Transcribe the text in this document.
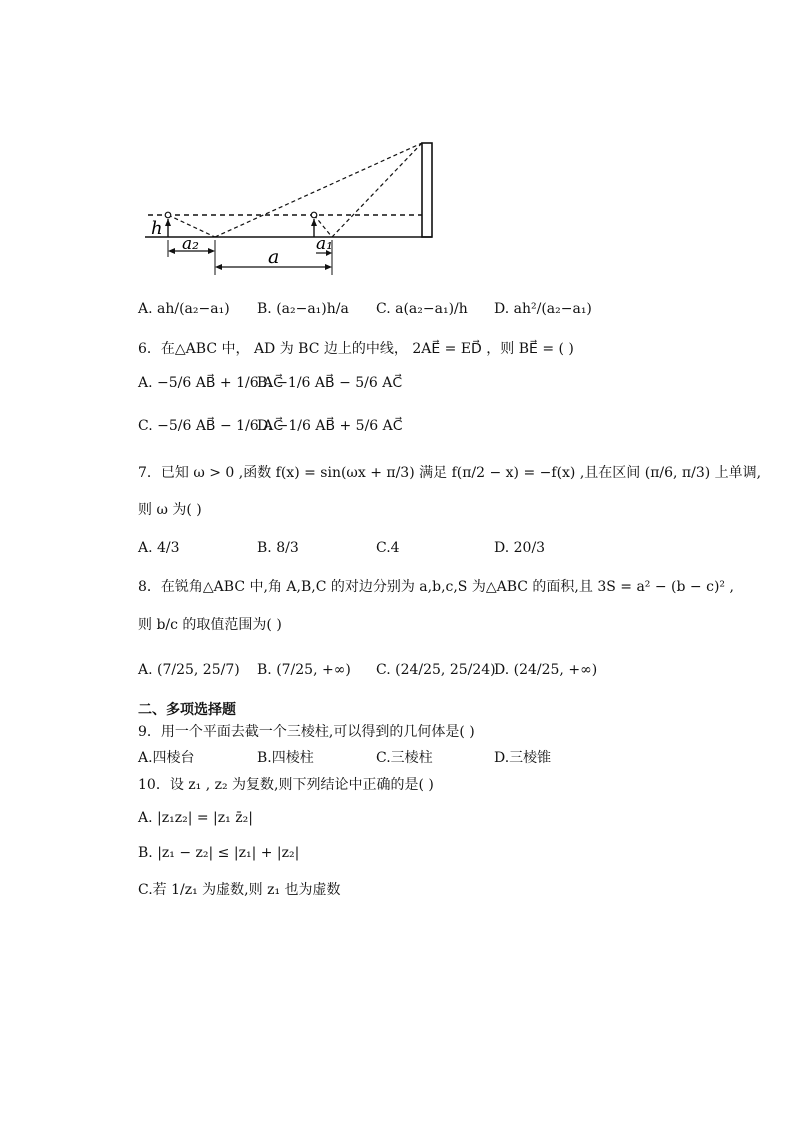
h
a₂
a
a₁
A. ah/(a₂−a₁) B. (a₂−a₁)h/a C. a(a₂−a₁)/h D. ah²/(a₂−a₁)
6．在△ABC 中， AD 为 BC 边上的中线， 2AE⃗ = ED⃗ ，则 BE⃗ = ( )
A. −5/6 AB⃗ + 1/6 AC⃗
B. −1/6 AB⃗ − 5/6 AC⃗
C. −5/6 AB⃗ − 1/6 AC⃗
D. −1/6 AB⃗ + 5/6 AC⃗
7．已知 ω > 0 ,函数 f(x) = sin(ωx + π/3) 满足 f(π/2 − x) = −f(x) ,且在区间 (π/6, π/3) 上单调,
则 ω 为( )
A. 4/3	B. 8/3	C.4	D. 20/3
8．在锐角△ABC 中,角 A,B,C 的对边分别为 a,b,c,S 为△ABC 的面积,且 3S = a² − (b − c)² ,
则 b/c 的取值范围为( )
A. (7/25, 25/7) B. (7/25, +∞) C. (24/25, 25/24)
D. (24/25, +∞)
二、多项选择题
9．用一个平面去截一个三棱柱,可以得到的几何体是( )
A.四棱台	B.四棱柱	C.三棱柱	D.三棱锥
10．设 z₁ , z₂ 为复数,则下列结论中正确的是( )
A. |z₁z₂| = |z₁ z̄₂|
B. |z₁ − z₂| ≤ |z₁| + |z₂|
C.若 1/z₁ 为虚数,则 z₁ 也为虚数
